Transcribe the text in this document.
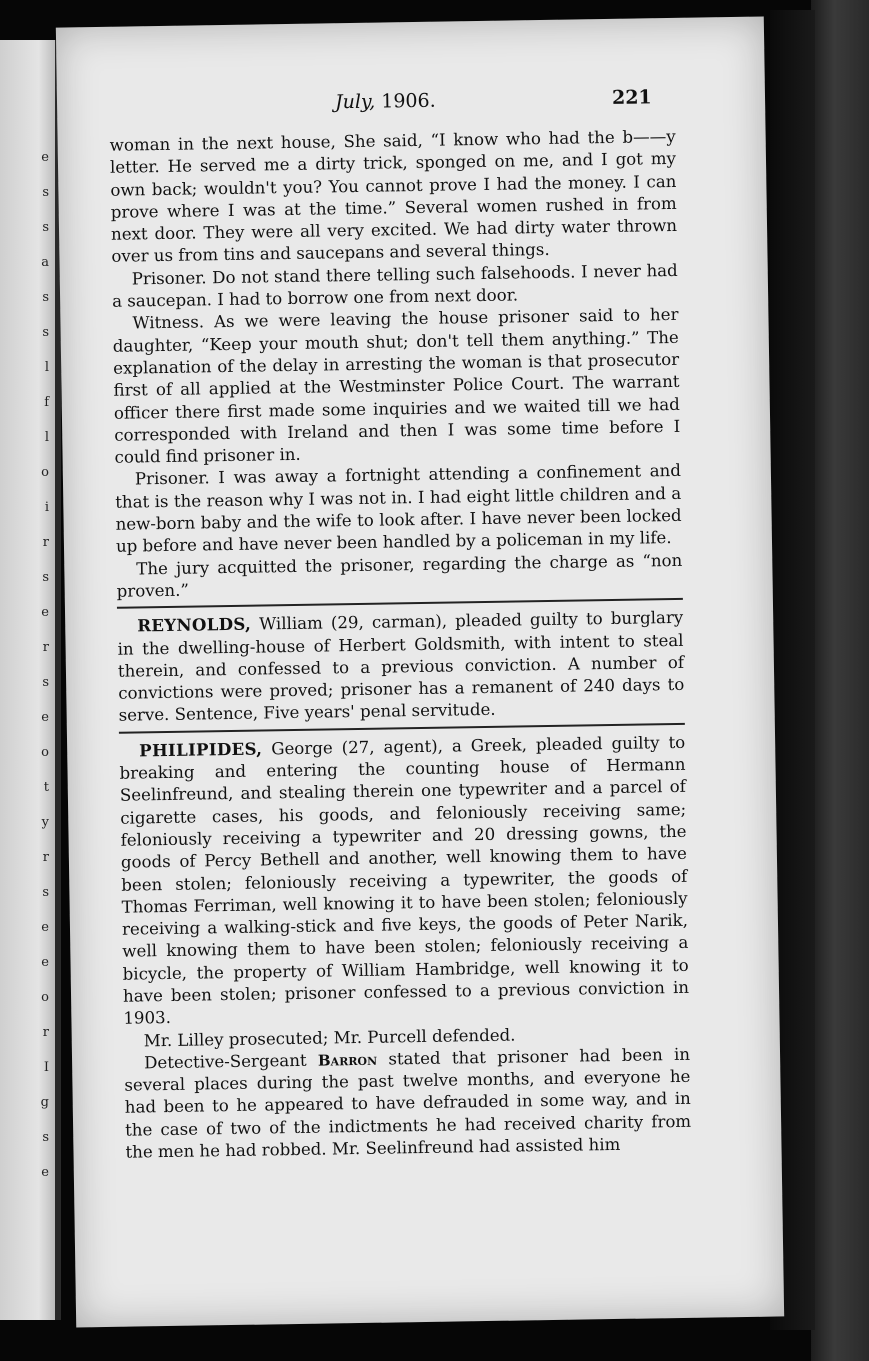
e
s
s
a
s
s
l
f
l
o
i
r
s
e
r
s
e
o
t
y
r
s
e
e
o
r
I
g
s
e
July, 1906.	221

woman in the next house, She said, “I know who had the b——y letter. He served me a dirty trick, sponged on me, and I got my own back; wouldn't you? You cannot prove I had the money. I can prove where I was at the time.” Several women rushed in from next door. They were all very excited. We had dirty water thrown over us from tins and saucepans and several things.

Prisoner. Do not stand there telling such falsehoods. I never had a saucepan. I had to borrow one from next door.

Witness. As we were leaving the house prisoner said to her daughter, “Keep your mouth shut; don't tell them anything.” The explanation of the delay in arresting the woman is that prosecutor first of all applied at the Westminster Police Court. The warrant officer there first made some inquiries and we waited till we had corresponded with Ireland and then I was some time before I could find prisoner in.

Prisoner. I was away a fortnight attending a confinement and that is the reason why I was not in. I had eight little children and a new-born baby and the wife to look after. I have never been locked up before and have never been handled by a policeman in my life.

The jury acquitted the prisoner, regarding the charge as “non proven.”

REYNOLDS, William (29, carman), pleaded guilty to burglary in the dwelling-house of Herbert Goldsmith, with intent to steal therein, and confessed to a previous conviction. A number of convictions were proved; prisoner has a remanent of 240 days to serve. Sentence, Five years' penal servitude.

PHILIPIDES, George (27, agent), a Greek, pleaded guilty to breaking and entering the counting house of Hermann Seelinfreund, and stealing therein one typewriter and a parcel of cigarette cases, his goods, and feloniously receiving same; feloniously receiving a typewriter and 20 dressing gowns, the goods of Percy Bethell and another, well knowing them to have been stolen; feloniously receiving a typewriter, the goods of Thomas Ferriman, well knowing it to have been stolen; feloniously receiving a walking-stick and five keys, the goods of Peter Narik, well knowing them to have been stolen; feloniously receiving a bicycle, the property of William Hambridge, well knowing it to have been stolen; prisoner confessed to a previous conviction in 1903.

Mr. Lilley prosecuted; Mr. Purcell defended.

Detective-Sergeant Barron stated that prisoner had been in several places during the past twelve months, and everyone he had been to he appeared to have defrauded in some way, and in the case of two of the indictments he had received charity from the men he had robbed. Mr. Seelinfreund had assisted him
